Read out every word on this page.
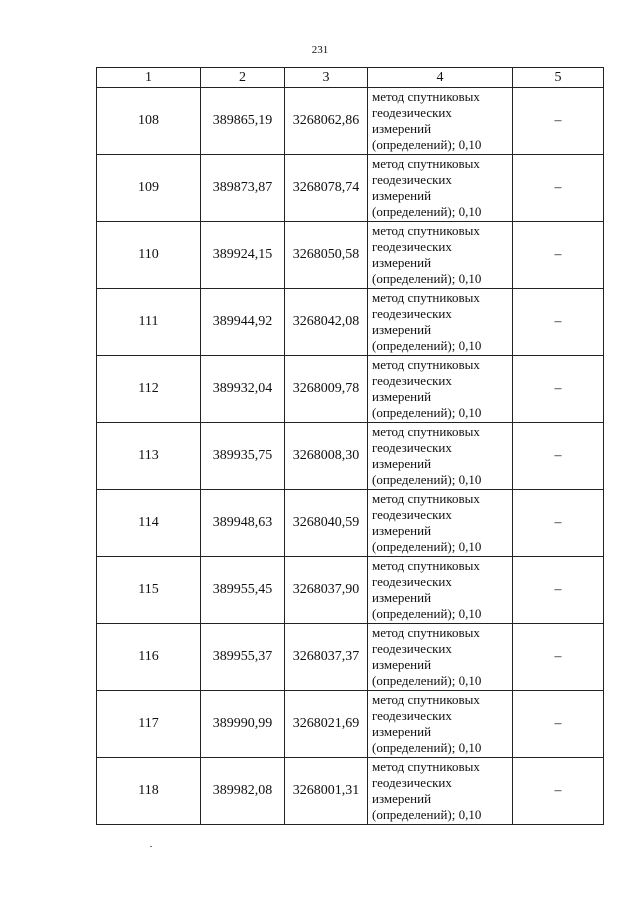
231
1	2	3	4	5
108	389865,19	3268062,86	метод спутниковых
геодезических
измерений
(определений); 0,10	–
109	389873,87	3268078,74	метод спутниковых
геодезических
измерений
(определений); 0,10	–
110	389924,15	3268050,58	метод спутниковых
геодезических
измерений
(определений); 0,10	–
111	389944,92	3268042,08	метод спутниковых
геодезических
измерений
(определений); 0,10	–
112	389932,04	3268009,78	метод спутниковых
геодезических
измерений
(определений); 0,10	–
113	389935,75	3268008,30	метод спутниковых
геодезических
измерений
(определений); 0,10	–
114	389948,63	3268040,59	метод спутниковых
геодезических
измерений
(определений); 0,10	–
115	389955,45	3268037,90	метод спутниковых
геодезических
измерений
(определений); 0,10	–
116	389955,37	3268037,37	метод спутниковых
геодезических
измерений
(определений); 0,10	–
117	389990,99	3268021,69	метод спутниковых
геодезических
измерений
(определений); 0,10	–
118	389982,08	3268001,31	метод спутниковых
геодезических
измерений
(определений); 0,10	–
